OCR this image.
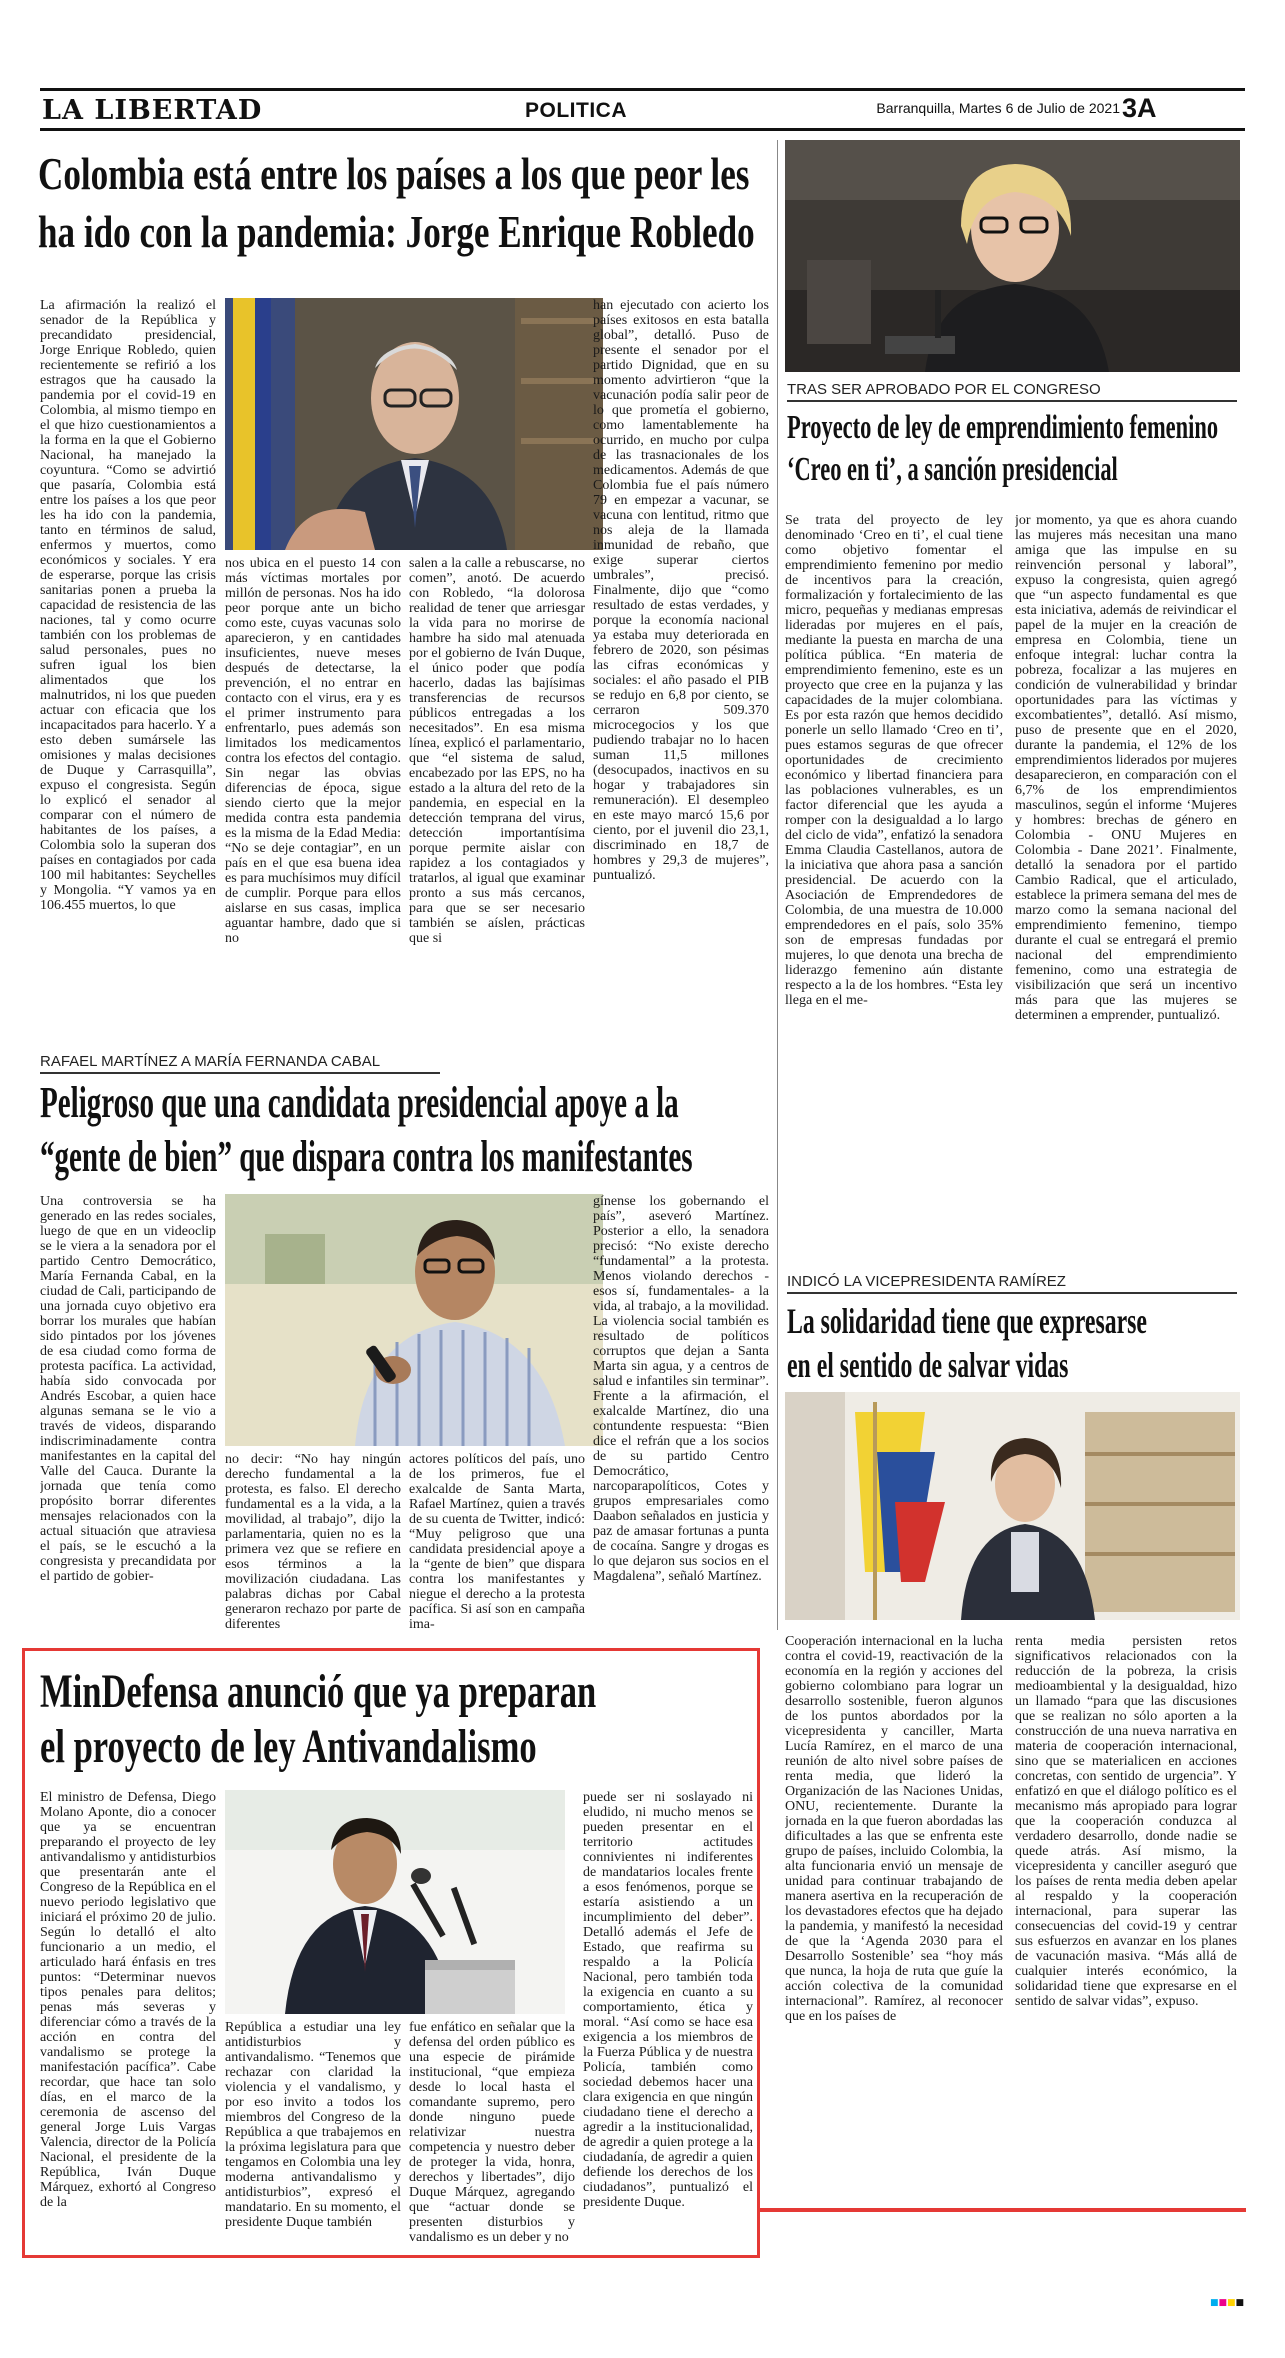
LA LIBERTAD	POLITICA	Barranquilla, Martes 6 de Julio de 2021 3A
Colombia está entre los países a los que peor les
ha ido con la pandemia: Jorge Enrique Robledo
La afirmación la realizó el senador de la República y precandidato presidencial, Jorge Enrique Robledo, quien recientemente se refirió a los estragos que ha causado la pandemia por el covid-19 en Colombia, al mismo tiempo en el que hizo cuestionamientos a la forma en la que el Gobierno Nacional, ha manejado la coyuntura. “Como se advirtió que pasaría, Colombia está entre los países a los que peor les ha ido con la pandemia, tanto en términos de salud, enfermos y muertos, como económicos y sociales. Y era de esperarse, porque las crisis sanitarias ponen a prueba la capacidad de resistencia de las naciones, tal y como ocurre también con los problemas de salud personales, pues no sufren igual los bien alimentados que los malnutridos, ni los que pueden actuar con eficacia que los incapacitados para hacerlo. Y a esto deben sumársele las omisiones y malas decisiones de Duque y Carrasquilla”, expuso el congresista. Según lo explicó el senador al comparar con el número de habitantes de los países, a Colombia solo la superan dos países en contagiados por cada 100 mil habitantes: Seychelles y Mongolia. “Y vamos ya en 106.455 muertos, lo que
nos ubica en el puesto 14 con más víctimas mortales por millón de personas. Nos ha ido peor porque ante un bicho como este, cuyas vacunas solo aparecieron, y en cantidades insuficientes, nueve meses después de detectarse, la prevención, el no entrar en contacto con el virus, era y es el primer instrumento para enfrentarlo, pues además son limitados los medicamentos contra los efectos del contagio. Sin negar las obvias diferencias de época, sigue siendo cierto que la mejor medida contra esta pandemia es la misma de la Edad Media: “No se deje contagiar”, en un país en el que esa buena idea es para muchísimos muy difícil de cumplir. Porque para ellos aislarse en sus casas, implica aguantar hambre, dado que si no
salen a la calle a rebuscarse, no comen”, anotó. De acuerdo con Robledo, “la dolorosa realidad de tener que arriesgar la vida para no morirse de hambre ha sido mal atenuada por el gobierno de Iván Duque, el único poder que podía hacerlo, dadas las bajísimas transferencias de recursos públicos entregadas a los necesitados”. En esa misma línea, explicó el parlamentario, que “el sistema de salud, encabezado por las EPS, no ha estado a la altura del reto de la pandemia, en especial en la detección temprana del virus, detección importantísima porque permite aislar con rapidez a los contagiados y tratarlos, al igual que examinar pronto a sus más cercanos, para que se ser necesario también se aíslen, prácticas que si
han ejecutado con acierto los países exitosos en esta batalla global”, detalló. Puso de presente el senador por el partido Dignidad, que en su momento advirtieron “que la vacunación podía salir peor de lo que prometía el gobierno, como lamentablemente ha ocurrido, en mucho por culpa de las trasnacionales de los medicamentos. Además de que Colombia fue el país número 79 en empezar a vacunar, se vacuna con lentitud, ritmo que nos aleja de la llamada inmunidad de rebaño, que exige superar ciertos umbrales”, precisó. Finalmente, dijo que “como resultado de estas verdades, y porque la economía nacional ya estaba muy deteriorada en febrero de 2020, son pésimas las cifras económicas y sociales: el año pasado el PIB se redujo en 6,8 por ciento, se cerraron 509.370 microcegocios y los que pudiendo trabajar no lo hacen suman 11,5 millones (desocupados, inactivos en su hogar y trabajadores sin remuneración). El desempleo en este mayo marcó 15,6 por ciento, por el juvenil dio 23,1, discriminado en 18,7 de hombres y 29,3 de mujeres”, puntualizó.
TRAS SER APROBADO POR EL CONGRESO
Proyecto de ley de emprendimiento femenino
‘Creo en ti’, a sanción presidencial
Se trata del proyecto de ley denominado ‘Creo en ti’, el cual tiene como objetivo fomentar el emprendimiento femenino por medio de incentivos para la creación, formalización y fortalecimiento de las micro, pequeñas y medianas empresas lideradas por mujeres en el país, mediante la puesta en marcha de una política pública. “En materia de emprendimiento femenino, este es un proyecto que cree en la pujanza y las capacidades de la mujer colombiana. Es por esta razón que hemos decidido ponerle un sello llamado ‘Creo en ti’, pues estamos seguras de que ofrecer oportunidades de crecimiento económico y libertad financiera para las poblaciones vulnerables, es un factor diferencial que les ayuda a romper con la desigualdad a lo largo del ciclo de vida”, enfatizó la senadora Emma Claudia Castellanos, autora de la iniciativa que ahora pasa a sanción presidencial. De acuerdo con la Asociación de Emprendedores de Colombia, de una muestra de 10.000 emprendedores en el país, solo 35% son de empresas fundadas por mujeres, lo que denota una brecha de liderazgo femenino aún distante respecto a la de los hombres. “Esta ley llega en el me-
jor momento, ya que es ahora cuando las mujeres más necesitan una mano amiga que las impulse en su reinvención personal y laboral”, expuso la congresista, quien agregó que “un aspecto fundamental es que esta iniciativa, además de reivindicar el papel de la mujer en la creación de empresa en Colombia, tiene un enfoque integral: luchar contra la pobreza, focalizar a las mujeres en condición de vulnerabilidad y brindar oportunidades para las víctimas y excombatientes”, detalló. Así mismo, puso de presente que en el 2020, durante la pandemia, el 12% de los emprendimientos liderados por mujeres desaparecieron, en comparación con el 6,7% de los emprendimientos masculinos, según el informe ‘Mujeres y hombres: brechas de género en Colombia - ONU Mujeres en Colombia - Dane 2021’. Finalmente, detalló la senadora por el partido Cambio Radical, que el articulado, establece la primera semana del mes de marzo como la semana nacional del emprendimiento femenino, tiempo durante el cual se entregará el premio nacional del emprendimiento femenino, como una estrategia de visibilización que será un incentivo más para que las mujeres se determinen a emprender, puntualizó.
RAFAEL MARTÍNEZ A MARÍA FERNANDA CABAL
Peligroso que una candidata presidencial apoye a la
“gente de bien” que dispara contra los manifestantes
Una controversia se ha generado en las redes sociales, luego de que en un videoclip se le viera a la senadora por el partido Centro Democrático, María Fernanda Cabal, en la ciudad de Cali, participando de una jornada cuyo objetivo era borrar los murales que habían sido pintados por los jóvenes de esa ciudad como forma de protesta pacífica. La actividad, había sido convocada por Andrés Escobar, a quien hace algunas semana se le vio a través de videos, disparando indiscriminadamente contra manifestantes en la capital del Valle del Cauca. Durante la jornada que tenía como propósito borrar diferentes mensajes relacionados con la actual situación que atraviesa el país, se le escuchó a la congresista y precandidata por el partido de gobier-
no decir: “No hay ningún derecho fundamental a la protesta, es falso. El derecho fundamental es a la vida, a la movilidad, al trabajo”, dijo la parlamentaria, quien no es la primera vez que se refiere en esos términos a la movilización ciudadana. Las palabras dichas por Cabal generaron rechazo por parte de diferentes
actores políticos del país, uno de los primeros, fue el exalcalde de Santa Marta, Rafael Martínez, quien a través de su cuenta de Twitter, indicó: “Muy peligroso que una candidata presidencial apoye a la “gente de bien” que dispara contra los manifestantes y niegue el derecho a la protesta pacífica. Si así son en campaña ima-
gínense los gobernando el país”, aseveró Martínez. Posterior a ello, la senadora precisó: “No existe derecho “fundamental” a la protesta. Menos violando derechos -esos sí, fundamentales- a la vida, al trabajo, a la movilidad. La violencia social también es resultado de políticos corruptos que dejan a Santa Marta sin agua, y a centros de salud e infantiles sin terminar”. Frente a la afirmación, el exalcalde Martínez, dio una contundente respuesta: “Bien dice el refrán que a los socios de su partido Centro Democrático, narcoparapolíticos, Cotes y grupos empresariales como Daabon señalados en justicia y paz de amasar fortunas a punta de cocaína. Sangre y drogas es lo que dejaron sus socios en el Magdalena”, señaló Martínez.
INDICÓ LA VICEPRESIDENTA RAMÍREZ
La solidaridad tiene que expresarse
en el sentido de salvar vidas
Cooperación internacional en la lucha contra el covid-19, reactivación de la economía en la región y acciones del gobierno colombiano para lograr un desarrollo sostenible, fueron algunos de los puntos abordados por la vicepresidenta y canciller, Marta Lucía Ramírez, en el marco de una reunión de alto nivel sobre países de renta media, que lideró la Organización de las Naciones Unidas, ONU, recientemente. Durante la jornada en la que fueron abordadas las dificultades a las que se enfrenta este grupo de países, incluido Colombia, la alta funcionaria envió un mensaje de unidad para continuar trabajando de manera asertiva en la recuperación de los devastadores efectos que ha dejado la pandemia, y manifestó la necesidad de que la ‘Agenda 2030 para el Desarrollo Sostenible’ sea “hoy más que nunca, la hoja de ruta que guíe la acción colectiva de la comunidad internacional”. Ramírez, al reconocer que en los países de
renta media persisten retos significativos relacionados con la reducción de la pobreza, la crisis medioambiental y la desigualdad, hizo un llamado “para que las discusiones que se realizan no sólo aporten a la construcción de una nueva narrativa en materia de cooperación internacional, sino que se materialicen en acciones concretas, con sentido de urgencia”. Y enfatizó en que el diálogo político es el mecanismo más apropiado para lograr que la cooperación conduzca al verdadero desarrollo, donde nadie se quede atrás. Así mismo, la vicepresidenta y canciller aseguró que los países de renta media deben apelar al respaldo y la cooperación internacional, para superar las consecuencias del covid-19 y centrar sus esfuerzos en avanzar en los planes de vacunación masiva. “Más allá de cualquier interés económico, la solidaridad tiene que expresarse en el sentido de salvar vidas”, expuso.
MinDefensa anunció que ya preparan
el proyecto de ley Antivandalismo
El ministro de Defensa, Diego Molano Aponte, dio a conocer que ya se encuentran preparando el proyecto de ley antivandalismo y antidisturbios que presentarán ante el Congreso de la República en el nuevo periodo legislativo que iniciará el próximo 20 de julio. Según lo detalló el alto funcionario a un medio, el articulado hará énfasis en tres puntos: “Determinar nuevos tipos penales para delitos; penas más severas y diferenciar cómo a través de la acción en contra del vandalismo se protege la manifestación pacífica”. Cabe recordar, que hace tan solo días, en el marco de la ceremonia de ascenso del general Jorge Luis Vargas Valencia, director de la Policía Nacional, el presidente de la República, Iván Duque Márquez, exhortó al Congreso de la
República a estudiar una ley antidisturbios y antivandalismo. “Tenemos que rechazar con claridad la violencia y el vandalismo, y por eso invito a todos los miembros del Congreso de la República a que trabajemos en la próxima legislatura para que tengamos en Colombia una ley moderna antivandalismo y antidisturbios”, expresó el mandatario. En su momento, el presidente Duque también
fue enfático en señalar que la defensa del orden público es una especie de pirámide institucional, “que empieza desde lo local hasta el comandante supremo, pero donde ninguno puede relativizar nuestra competencia y nuestro deber de proteger la vida, honra, derechos y libertades”, dijo Duque Márquez, agregando que “actuar donde se presenten disturbios y vandalismo es un deber y no
puede ser ni soslayado ni eludido, ni mucho menos se pueden presentar en el territorio actitudes connivientes ni indiferentes de mandatarios locales frente a esos fenómenos, porque se estaría asistiendo a un incumplimiento del deber”. Detalló además el Jefe de Estado, que reafirma su respaldo a la Policía Nacional, pero también toda la exigencia en cuanto a su comportamiento, ética y moral. “Así como se hace esa exigencia a los miembros de la Fuerza Pública y de nuestra Policía, también como sociedad debemos hacer una clara exigencia en que ningún ciudadano tiene el derecho a agredir a la institucionalidad, de agredir a quien protege a la ciudadanía, de agredir a quien defiende los derechos de los ciudadanos”, puntualizó el presidente Duque.
■■■■
